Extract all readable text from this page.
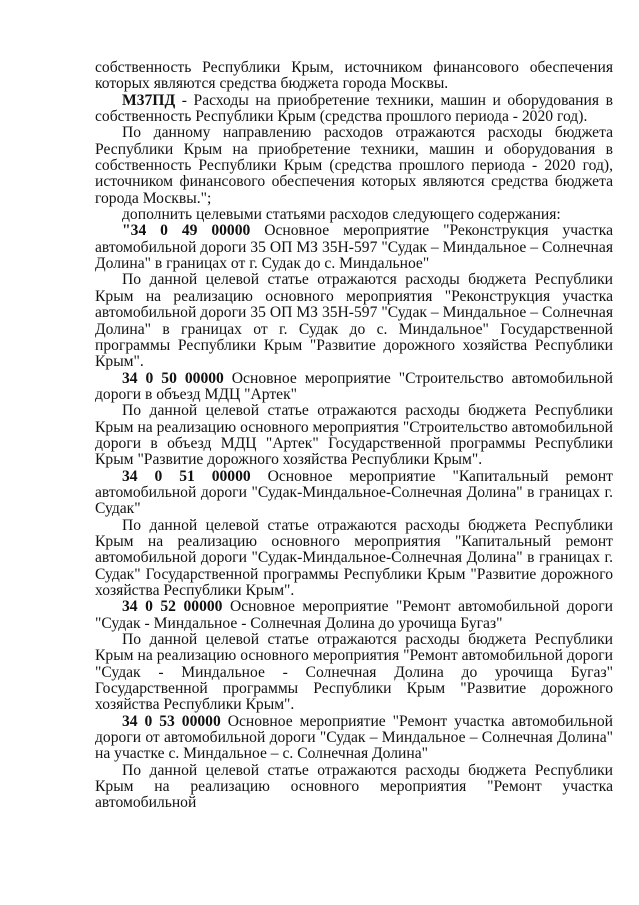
собственность Республики Крым, источником финансового обеспечения которых являются средства бюджета города Москвы.

М37ПД - Расходы на приобретение техники, машин и оборудования в собственность Республики Крым (средства прошлого периода - 2020 год).

По данному направлению расходов отражаются расходы бюджета Республики Крым на приобретение техники, машин и оборудования в собственность Республики Крым (средства прошлого периода - 2020 год), источником финансового обеспечения которых являются средства бюджета города Москвы.";

дополнить целевыми статьями расходов следующего содержания:

"34 0 49 00000 Основное мероприятие "Реконструкция участка автомобильной дороги 35 ОП МЗ 35Н-597 "Судак – Миндальное – Солнечная Долина" в границах от г. Судак до с. Миндальное"

По данной целевой статье отражаются расходы бюджета Республики Крым на реализацию основного мероприятия "Реконструкция участка автомобильной дороги 35 ОП МЗ 35Н-597 "Судак – Миндальное – Солнечная Долина" в границах от г. Судак до с. Миндальное" Государственной программы Республики Крым "Развитие дорожного хозяйства Республики Крым".

34 0 50 00000 Основное мероприятие "Строительство автомобильной дороги в объезд МДЦ "Артек"

По данной целевой статье отражаются расходы бюджета Республики Крым на реализацию основного мероприятия "Строительство автомобильной дороги в объезд МДЦ "Артек" Государственной программы Республики Крым "Развитие дорожного хозяйства Республики Крым".

34 0 51 00000 Основное мероприятие "Капитальный ремонт автомобильной дороги "Судак-Миндальное-Солнечная Долина" в границах г. Судак"

По данной целевой статье отражаются расходы бюджета Республики Крым на реализацию основного мероприятия "Капитальный ремонт автомобильной дороги "Судак-Миндальное-Солнечная Долина" в границах г. Судак" Государственной программы Республики Крым "Развитие дорожного хозяйства Республики Крым".

34 0 52 00000 Основное мероприятие "Ремонт автомобильной дороги "Судак - Миндальное - Солнечная Долина до урочища Бугаз"

По данной целевой статье отражаются расходы бюджета Республики Крым на реализацию основного мероприятия "Ремонт автомобильной дороги "Судак - Миндальное - Солнечная Долина до урочища Бугаз" Государственной программы Республики Крым "Развитие дорожного хозяйства Республики Крым".

34 0 53 00000 Основное мероприятие "Ремонт участка автомобильной дороги от автомобильной дороги "Судак – Миндальное – Солнечная Долина" на участке с. Миндальное – с. Солнечная Долина"

По данной целевой статье отражаются расходы бюджета Республики Крым на реализацию основного мероприятия "Ремонт участка автомобильной
